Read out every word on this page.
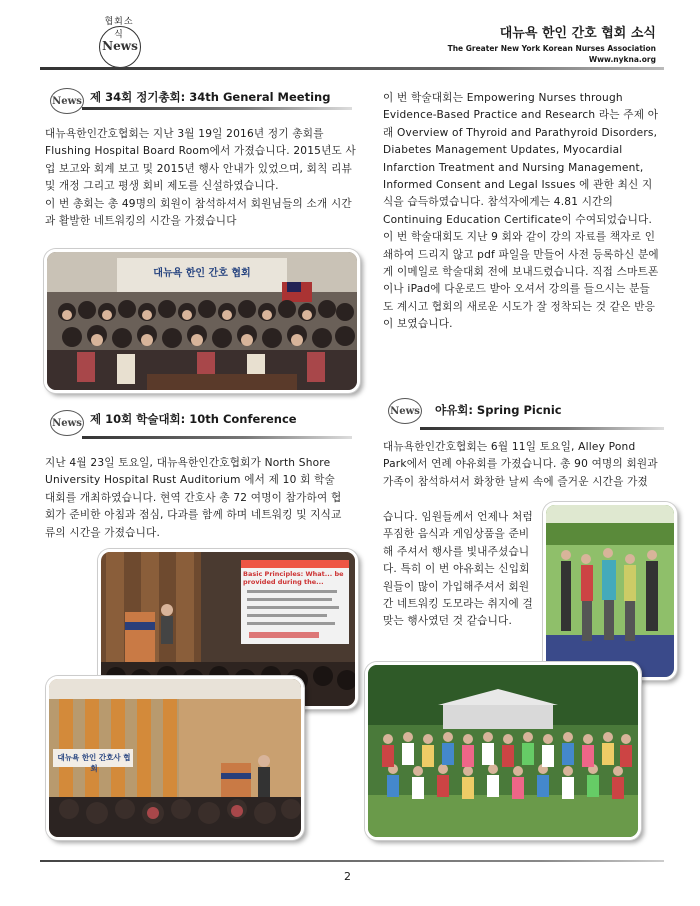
협회소식
News
대뉴욕 한인 간호 협회 소식
The Greater New York Korean Nurses Association
Www.nykna.org
News 제 34회 정기총회: 34th General Meeting

대뉴욕한인간호협회는 지난 3월 19일 2016년 정기 총회를 Flushing Hospital Board Room에서 가졌습니다. 2015년도 사업 보고와 회계 보고 및 2015년 행사 안내가 있었으며, 회칙 리뷰 및 개정 그리고 평생 회비 제도를 신설하였습니다.

이 번 총회는 총 49명의 회원이 참석하셔서 회원님들의 소개 시간과 활발한 네트워킹의 시간을 가졌습니다

대뉴욕 한인 간호 협회
News 제 10회 학술대회: 10th Conference

지난 4월 23일 토요일, 대뉴욕한인간호협회가 North Shore University Hospital Rust Auditorium 에서 제 10 회 학술대회를 개최하였습니다. 현역 간호사 총 72 여명이 참가하여 협회가 준비한 아침과 점심, 다과를 함께 하며 네트워킹 및 지식교류의 시간을 가졌습니다.

Basic Principles: What... be provided during the...
대뉴욕 한인 간호사 협회

이 번 학술대회는 Empowering Nurses through Evidence-Based Practice and Research 라는 주제 아래 Overview of Thyroid and Parathyroid Disorders, Diabetes Management Updates, Myocardial Infarction Treatment and Nursing Management, Informed Consent and Legal Issues 에 관한 최신 지식을 습득하였습니다. 참석자에게는 4.81 시간의 Continuing Education Certificate이 수여되었습니다.

이 번 학술대회도 지난 9 회와 같이 강의 자료를 책자로 인쇄하여 드리지 않고 pdf 파일을 만들어 사전 등록하신 분에게 이메일로 학술대회 전에 보내드렸습니다. 직접 스마트폰이나 iPad에 다운로드 받아 오셔서 강의를 들으시는 분들도 계시고 협회의 새로운 시도가 잘 정착되는 것 같은 반응이 보였습니다.

News 야유회: Spring Picnic

대뉴욕한인간호협회는 6월 11일 토요일, Alley Pond Park에서 연례 야유회를 가졌습니다. 총 90 여명의 회원과 가족이 참석하셔서 화창한 날씨 속에 즐거운 시간을 가졌

습니다. 임원들께서 언제나 처럼 푸짐한 음식과 게임상품을 준비해 주셔서 행사를 빛내주셨습니다. 특히 이 번 야유회는 신입회원들이 많이 가입해주셔서 회원간 네트워킹 도모라는 취지에 걸맞는 행사였던 것 같습니다.

2
